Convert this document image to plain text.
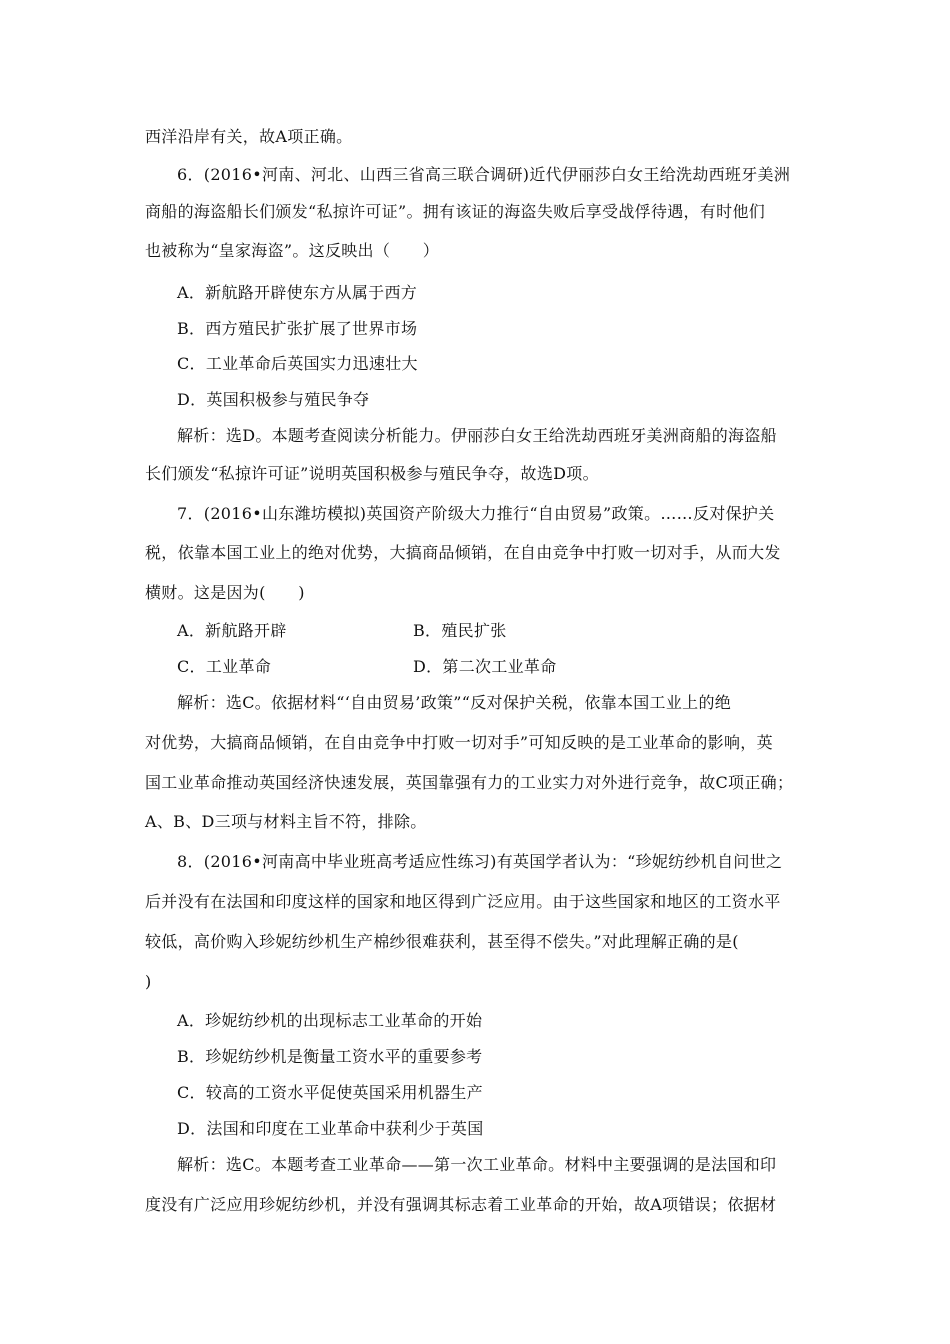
西洋沿岸有关，故A项正确。
6．(2016•河南、河北、山西三省高三联合调研)近代伊丽莎白女王给洗劫西班牙美洲
商船的海盗船长们颁发“私掠许可证”。拥有该证的海盗失败后享受战俘待遇，有时他们
也被称为“皇家海盗”。这反映出（　　）
A．新航路开辟使东方从属于西方
B．西方殖民扩张扩展了世界市场
C．工业革命后英国实力迅速壮大
D．英国积极参与殖民争夺
解析：选D。本题考查阅读分析能力。伊丽莎白女王给洗劫西班牙美洲商船的海盗船
长们颁发“私掠许可证”说明英国积极参与殖民争夺，故选D项。
7．(2016•山东潍坊模拟)英国资产阶级大力推行“自由贸易”政策。……反对保护关
税，依靠本国工业上的绝对优势，大搞商品倾销，在自由竞争中打败一切对手，从而大发
横财。这是因为(　　)
A．新航路开辟	B．殖民扩张
C．工业革命	D．第二次工业革命
解析：选C。依据材料“‘自由贸易’政策”“反对保护关税，依靠本国工业上的绝
对优势，大搞商品倾销，在自由竞争中打败一切对手”可知反映的是工业革命的影响，英
国工业革命推动英国经济快速发展，英国靠强有力的工业实力对外进行竞争，故C项正确；
A、B、D三项与材料主旨不符，排除。
8．(2016•河南高中毕业班高考适应性练习)有英国学者认为：“珍妮纺纱机自问世之
后并没有在法国和印度这样的国家和地区得到广泛应用。由于这些国家和地区的工资水平
较低，高价购入珍妮纺纱机生产棉纱很难获利，甚至得不偿失。”对此理解正确的是(
)
A．珍妮纺纱机的出现标志工业革命的开始
B．珍妮纺纱机是衡量工资水平的重要参考
C．较高的工资水平促使英国采用机器生产
D．法国和印度在工业革命中获利少于英国
解析：选C。本题考查工业革命——第一次工业革命。材料中主要强调的是法国和印
度没有广泛应用珍妮纺纱机，并没有强调其标志着工业革命的开始，故A项错误；依据材
